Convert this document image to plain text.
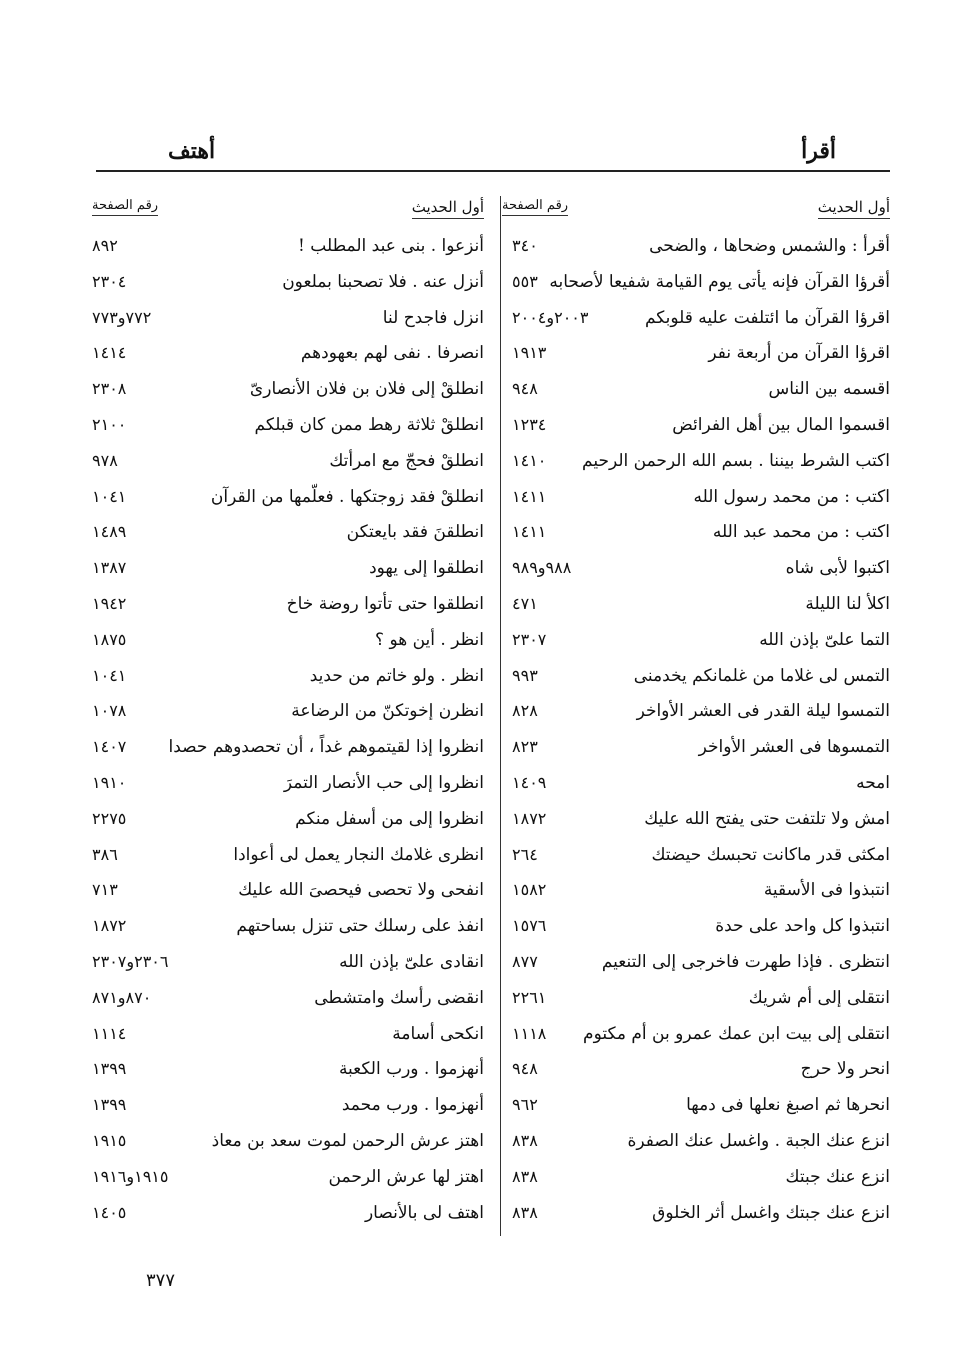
أقرأ
أهتف
أول الحديث
رقم الصفحة
أقرأ : والشمس وضحاها ، والضحى
٣٤٠
أقرؤا القرآن فإنه يأتى يوم القيامة شفيعا لأصحابه
٥٥٣
اقرؤا القرآن ما ائتلفت عليه قلوبكم
٢٠٠٣و٢٠٠٤
اقرؤا القرآن من أربعة نفر
١٩١٣
اقسمه بين الناس
٩٤٨
اقسموا المال بين أهل الفرائض
١٢٣٤
اكتب الشرط بيننا . بسم الله الرحمن الرحيم
١٤١٠
اكتب : من محمد رسول الله
١٤١١
اكتب : من محمد عبد الله
١٤١١
اكتبوا لأبى شاه
٩٨٨و٩٨٩
اكلأ لنا الليلة
٤٧١
التما علىّ بإذن الله
٢٣٠٧
التمس لى غلاما من غلمانكم يخدمنى
٩٩٣
التمسوا ليلة القدر فى العشر الأواخر
٨٢٨
التمسوها فى العشر الأواخر
٨٢٣
امحه
١٤٠٩
امش ولا تلتفت حتى يفتح الله عليك
١٨٧٢
امكثى قدر ماكانت تحبسك حيضتك
٢٦٤
انتبذوا فى الأسقية
١٥٨٢
انتبذوا كل واحد على حدة
١٥٧٦
انتظرى . فإذا طهرت فاخرجى إلى التنعيم
٨٧٧
انتقلى إلى أم شريك
٢٢٦١
انتقلى إلى بيت ابن عمك عمرو بن أم مكتوم
١١١٨
انحر ولا حرج
٩٤٨
انحرها ثم اصبغ نعلها فى دمها
٩٦٢
انزع عنك الجبة . واغسل عنك الصفرة
٨٣٨
انزع عنك جبتك
٨٣٨
انزع عنك جبتك واغسل أثر الخلوق
٨٣٨
أول الحديث
رقم الصفحة
أنزعوا . بنى عبد المطلب !
٨٩٢
أنزل عنه . فلا تصحبنا بملعون
٢٣٠٤
انزل فاجدح لنا
٧٧٢و٧٧٣
انصرفا . نفى لهم بعهودهم
١٤١٤
انطلقْ إلى فلان بن فلان الأنصارىّ
٢٣٠٨
انطلقْ ثلاثة رهط ممن كان قبلكم
٢١٠٠
انطلقْ فحجّ مع امرأتك
٩٧٨
انطلقْ فقد زوجتكها . فعلّمها من القرآن
١٠٤١
انطلقنَ فقد بايعتكن
١٤٨٩
انطلقوا إلى يهود
١٣٨٧
انطلقوا حتى تأتوا روضة خاخ
١٩٤٢
انظر . أين هو ؟
١٨٧٥
انظر . ولو خاتم من حديد
١٠٤١
انظرن إخوتكنّ من الرضاعة
١٠٧٨
انظروا إذا لقيتموهم غداً ، أن تحصدوهم حصدا
١٤٠٧
انظروا إلى حب الأنصار التمرَ
١٩١٠
انظروا إلى من أسفل منكم
٢٢٧٥
انظرى غلامك النجار يعمل لى أعوادا
٣٨٦
انفحى ولا تحصى فيحصىَ الله عليك
٧١٣
انفذ على رسلك حتى تنزل بساحتهم
١٨٧٢
انقادى علىّ بإذن الله
٢٣٠٦و٢٣٠٧
انقضى رأسك وامتشطى
٨٧٠و٨٧١
انكحى أسامة
١١١٤
أنهزموا . ورب الكعبة
١٣٩٩
أنهزموا . ورب محمد
١٣٩٩
اهتز عرش الرحمن لموت سعد بن معاذ
١٩١٥
اهتز لها عرش الرحمن
١٩١٥و١٩١٦
اهتف لى بالأنصار
١٤٠٥
٣٧٧
